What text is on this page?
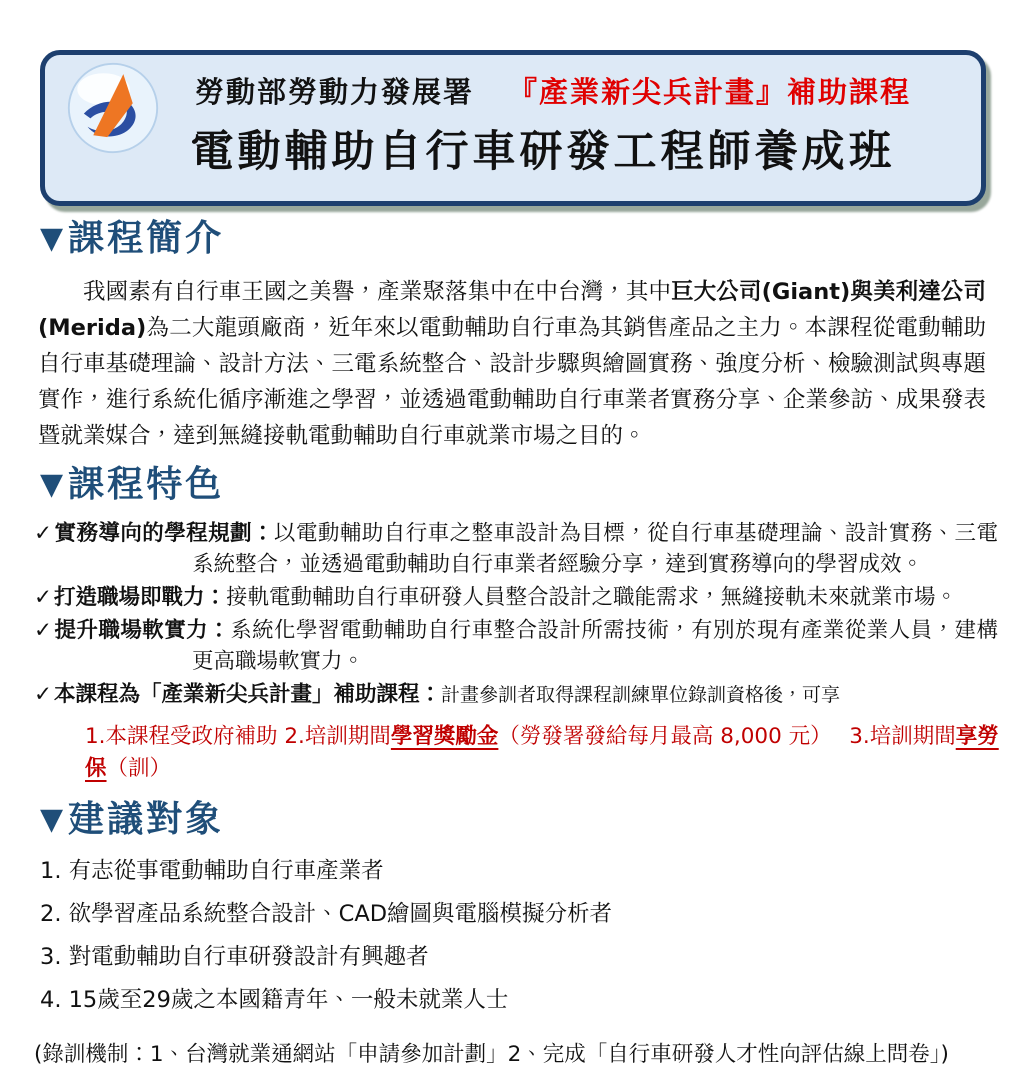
勞動部勞動力發展署 『產業新尖兵計畫』補助課程
電動輔助自行車研發工程師養成班
▼課程簡介

我國素有自行車王國之美譽，產業聚落集中在中台灣，其中巨大公司(Giant)與美利達公司(Merida)為二大龍頭廠商，近年來以電動輔助自行車為其銷售產品之主力。本課程從電動輔助自行車基礎理論、設計方法、三電系統整合、設計步驟與繪圖實務、強度分析、檢驗測試與專題實作，進行系統化循序漸進之學習，並透過電動輔助自行車業者實務分享、企業參訪、成果發表暨就業媒合，達到無縫接軌電動輔助自行車就業市場之目的。

▼課程特色
✓實務導向的學程規劃：以電動輔助自行車之整車設計為目標，從自行車基礎理論、設計實務、三電系統整合，並透過電動輔助自行車業者經驗分享，達到實務導向的學習成效。
✓打造職場即戰力：接軌電動輔助自行車研發人員整合設計之職能需求，無縫接軌未來就業市場。
✓提升職場軟實力：系統化學習電動輔助自行車整合設計所需技術，有別於現有產業從業人員，建構更高職場軟實力。
✓本課程為「產業新尖兵計畫」補助課程：計畫參訓者取得課程訓練單位錄訓資格後，可享
1.本課程受政府補助 2.培訓期間學習獎勵金（勞發署發給每月最高 8,000 元）　 3.培訓期間享勞保（訓）
▼建議對象
1. 有志從事電動輔助自行車產業者
2. 欲學習產品系統整合設計、CAD繪圖與電腦模擬分析者
3. 對電動輔助自行車研發設計有興趣者
4. 15歲至29歲之本國籍青年、一般未就業人士
(錄訓機制：1、台灣就業通網站「申請參加計劃」2、完成「自行車研發人才性向評估線上問卷」)
